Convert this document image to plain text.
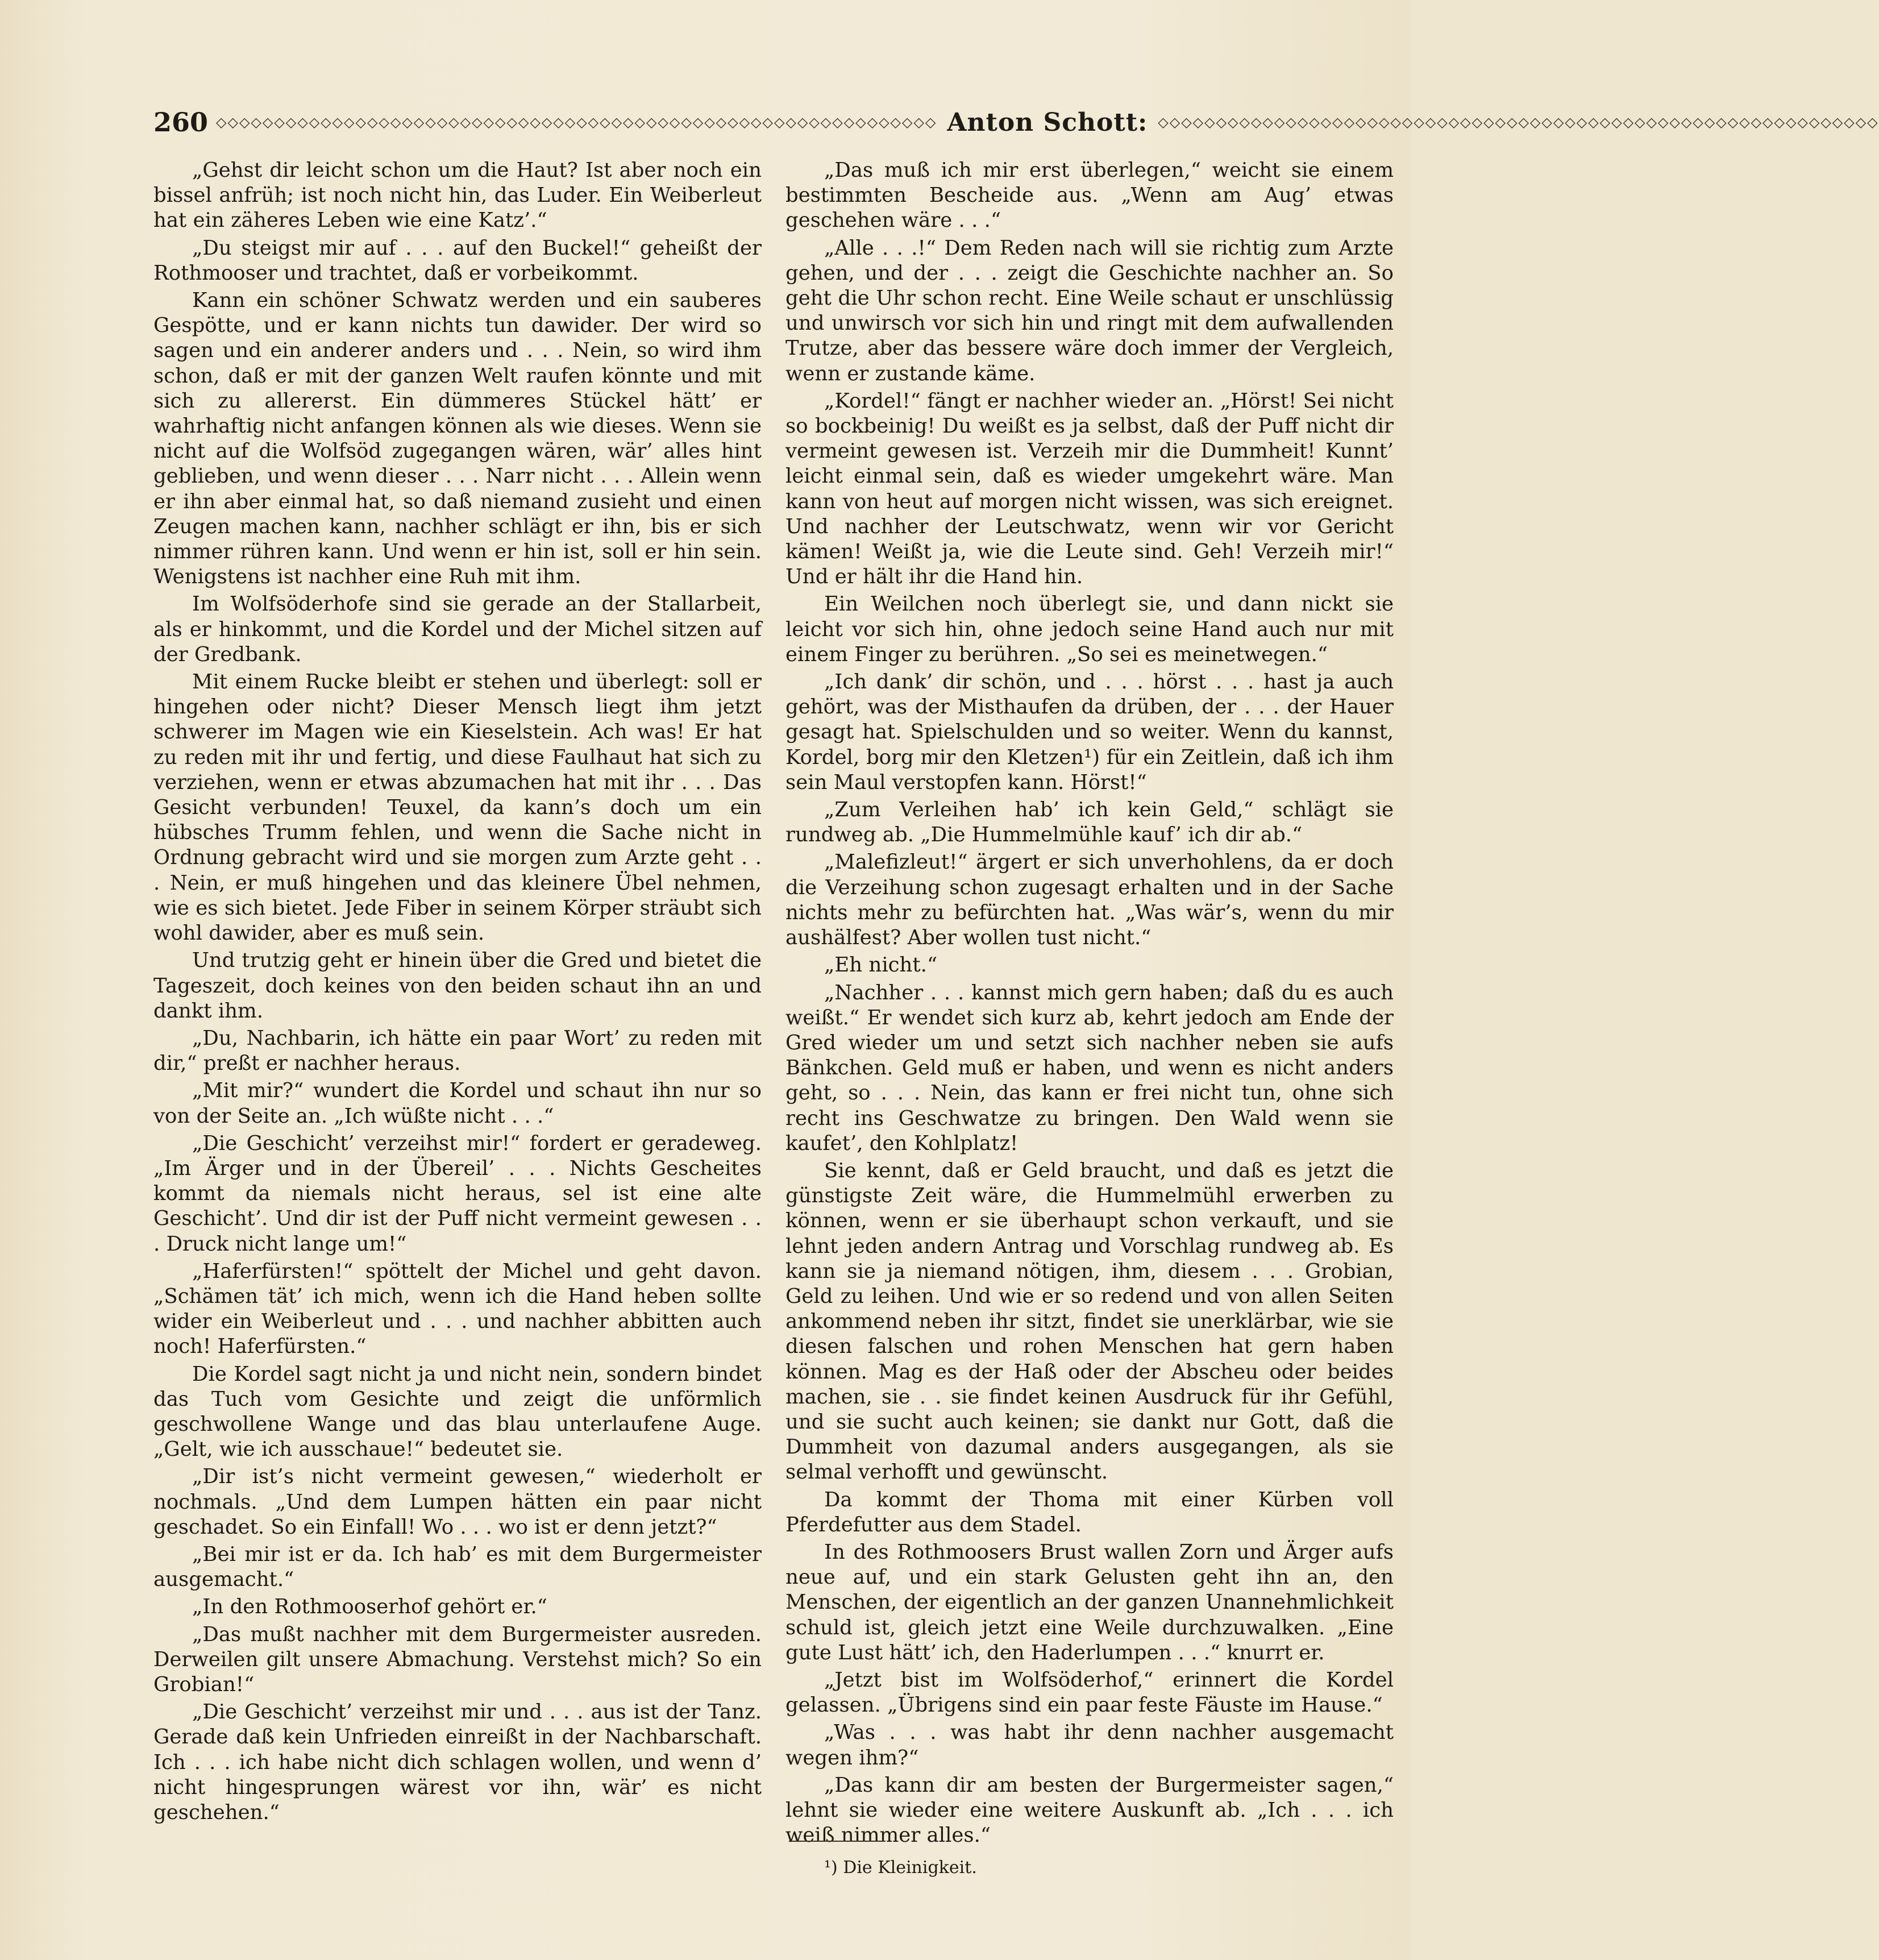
260 ◇◇◇◇◇◇◇◇◇◇◇◇◇◇◇◇◇◇◇◇◇◇◇◇◇◇◇◇◇◇◇◇◇◇◇◇◇◇◇◇◇◇◇◇◇◇◇◇◇◇◇◇◇◇◇◇◇◇◇◇◇◇ Anton Schott: ◇◇◇◇◇◇◇◇◇◇◇◇◇◇◇◇◇◇◇◇◇◇◇◇◇◇◇◇◇◇◇◇◇◇◇◇◇◇◇◇◇◇◇◇◇◇◇◇◇◇◇◇◇◇◇◇◇◇◇◇◇◇

„Gehst dir leicht schon um die Haut? Ist aber noch ein bissel anfrüh; ist noch nicht hin, das Luder. Ein Weiberleut hat ein zäheres Leben wie eine Katz’.“

„Du steigst mir auf . . . auf den Buckel!“ geheißt der Rothmooser und trachtet, daß er vorbeikommt.

Kann ein schöner Schwatz werden und ein sauberes Gespötte, und er kann nichts tun dawider. Der wird so sagen und ein anderer anders und . . . Nein, so wird ihm schon, daß er mit der ganzen Welt raufen könnte und mit sich zu allererst. Ein dümmeres Stückel hätt’ er wahrhaftig nicht anfangen können als wie dieses. Wenn sie nicht auf die Wolfsöd zugegangen wären, wär’ alles hint geblieben, und wenn dieser . . . Narr nicht . . . Allein wenn er ihn aber einmal hat, so daß niemand zusieht und einen Zeugen machen kann, nachher schlägt er ihn, bis er sich nimmer rühren kann. Und wenn er hin ist, soll er hin sein. Wenigstens ist nachher eine Ruh mit ihm.

Im Wolfsöderhofe sind sie gerade an der Stallarbeit, als er hinkommt, und die Kordel und der Michel sitzen auf der Gredbank.

Mit einem Rucke bleibt er stehen und überlegt: soll er hingehen oder nicht? Dieser Mensch liegt ihm jetzt schwerer im Magen wie ein Kieselstein. Ach was! Er hat zu reden mit ihr und fertig, und diese Faulhaut hat sich zu verziehen, wenn er etwas abzumachen hat mit ihr . . . Das Gesicht verbunden! Teuxel, da kann’s doch um ein hübsches Trumm fehlen, und wenn die Sache nicht in Ordnung gebracht wird und sie morgen zum Arzte geht . . . Nein, er muß hingehen und das kleinere Übel nehmen, wie es sich bietet. Jede Fiber in seinem Körper sträubt sich wohl dawider, aber es muß sein.

Und trutzig geht er hinein über die Gred und bietet die Tageszeit, doch keines von den beiden schaut ihn an und dankt ihm.

„Du, Nachbarin, ich hätte ein paar Wort’ zu reden mit dir,“ preßt er nachher heraus.

„Mit mir?“ wundert die Kordel und schaut ihn nur so von der Seite an. „Ich wüßte nicht . . .“

„Die Geschicht’ verzeihst mir!“ fordert er geradeweg. „Im Ärger und in der Übereil’ . . . Nichts Gescheites kommt da niemals nicht heraus, sel ist eine alte Geschicht’. Und dir ist der Puff nicht vermeint gewesen . . . Druck nicht lange um!“

„Haferfürsten!“ spöttelt der Michel und geht davon. „Schämen tät’ ich mich, wenn ich die Hand heben sollte wider ein Weiberleut und . . . und nachher abbitten auch noch! Haferfürsten.“

Die Kordel sagt nicht ja und nicht nein, sondern bindet das Tuch vom Gesichte und zeigt die unförmlich geschwollene Wange und das blau unterlaufene Auge. „Gelt, wie ich ausschaue!“ bedeutet sie.

„Dir ist’s nicht vermeint gewesen,“ wiederholt er nochmals. „Und dem Lumpen hätten ein paar nicht geschadet. So ein Einfall! Wo . . . wo ist er denn jetzt?“

„Bei mir ist er da. Ich hab’ es mit dem Burgermeister ausgemacht.“

„In den Rothmooserhof gehört er.“

„Das mußt nachher mit dem Burgermeister ausreden. Derweilen gilt unsere Abmachung. Verstehst mich? So ein Grobian!“

„Die Geschicht’ verzeihst mir und . . . aus ist der Tanz. Gerade daß kein Unfrieden einreißt in der Nachbarschaft. Ich . . . ich habe nicht dich schlagen wollen, und wenn d’ nicht hingesprungen wärest vor ihn, wär’ es nicht geschehen.“

„Das muß ich mir erst überlegen,“ weicht sie einem bestimmten Bescheide aus. „Wenn am Aug’ etwas geschehen wäre . . .“

„Alle . . .!“ Dem Reden nach will sie richtig zum Arzte gehen, und der . . . zeigt die Geschichte nachher an. So geht die Uhr schon recht. Eine Weile schaut er unschlüssig und unwirsch vor sich hin und ringt mit dem aufwallenden Trutze, aber das bessere wäre doch immer der Vergleich, wenn er zustande käme.

„Kordel!“ fängt er nachher wieder an. „Hörst! Sei nicht so bockbeinig! Du weißt es ja selbst, daß der Puff nicht dir vermeint gewesen ist. Verzeih mir die Dummheit! Kunnt’ leicht einmal sein, daß es wieder umgekehrt wäre. Man kann von heut auf morgen nicht wissen, was sich ereignet. Und nachher der Leutschwatz, wenn wir vor Gericht kämen! Weißt ja, wie die Leute sind. Geh! Verzeih mir!“ Und er hält ihr die Hand hin.

Ein Weilchen noch überlegt sie, und dann nickt sie leicht vor sich hin, ohne jedoch seine Hand auch nur mit einem Finger zu berühren. „So sei es meinetwegen.“

„Ich dank’ dir schön, und . . . hörst . . . hast ja auch gehört, was der Misthaufen da drüben, der . . . der Hauer gesagt hat. Spielschulden und so weiter. Wenn du kannst, Kordel, borg mir den Kletzen¹) für ein Zeitlein, daß ich ihm sein Maul verstopfen kann. Hörst!“

„Zum Verleihen hab’ ich kein Geld,“ schlägt sie rundweg ab. „Die Hummelmühle kauf’ ich dir ab.“

„Malefizleut!“ ärgert er sich unverhohlens, da er doch die Verzeihung schon zugesagt erhalten und in der Sache nichts mehr zu befürchten hat. „Was wär’s, wenn du mir aushälfest? Aber wollen tust nicht.“

„Eh nicht.“

„Nachher . . . kannst mich gern haben; daß du es auch weißt.“ Er wendet sich kurz ab, kehrt jedoch am Ende der Gred wieder um und setzt sich nachher neben sie aufs Bänkchen. Geld muß er haben, und wenn es nicht anders geht, so . . . Nein, das kann er frei nicht tun, ohne sich recht ins Geschwatze zu bringen. Den Wald wenn sie kaufet’, den Kohlplatz!

Sie kennt, daß er Geld braucht, und daß es jetzt die günstigste Zeit wäre, die Hummelmühl erwerben zu können, wenn er sie überhaupt schon verkauft, und sie lehnt jeden andern Antrag und Vorschlag rundweg ab. Es kann sie ja niemand nötigen, ihm, diesem . . . Grobian, Geld zu leihen. Und wie er so redend und von allen Seiten ankommend neben ihr sitzt, findet sie unerklärbar, wie sie diesen falschen und rohen Menschen hat gern haben können. Mag es der Haß oder der Abscheu oder beides machen, sie . . sie findet keinen Ausdruck für ihr Gefühl, und sie sucht auch keinen; sie dankt nur Gott, daß die Dummheit von dazumal anders ausgegangen, als sie selmal verhofft und gewünscht.

Da kommt der Thoma mit einer Kürben voll Pferdefutter aus dem Stadel.

In des Rothmoosers Brust wallen Zorn und Ärger aufs neue auf, und ein stark Gelusten geht ihn an, den Menschen, der eigentlich an der ganzen Unannehmlichkeit schuld ist, gleich jetzt eine Weile durchzuwalken. „Eine gute Lust hätt’ ich, den Haderlumpen . . .“ knurrt er.

„Jetzt bist im Wolfsöderhof,“ erinnert die Kordel gelassen. „Übrigens sind ein paar feste Fäuste im Hause.“

„Was . . . was habt ihr denn nachher ausgemacht wegen ihm?“

„Das kann dir am besten der Burgermeister sagen,“ lehnt sie wieder eine weitere Auskunft ab. „Ich . . . ich weiß nimmer alles.“

¹) Die Kleinigkeit.
